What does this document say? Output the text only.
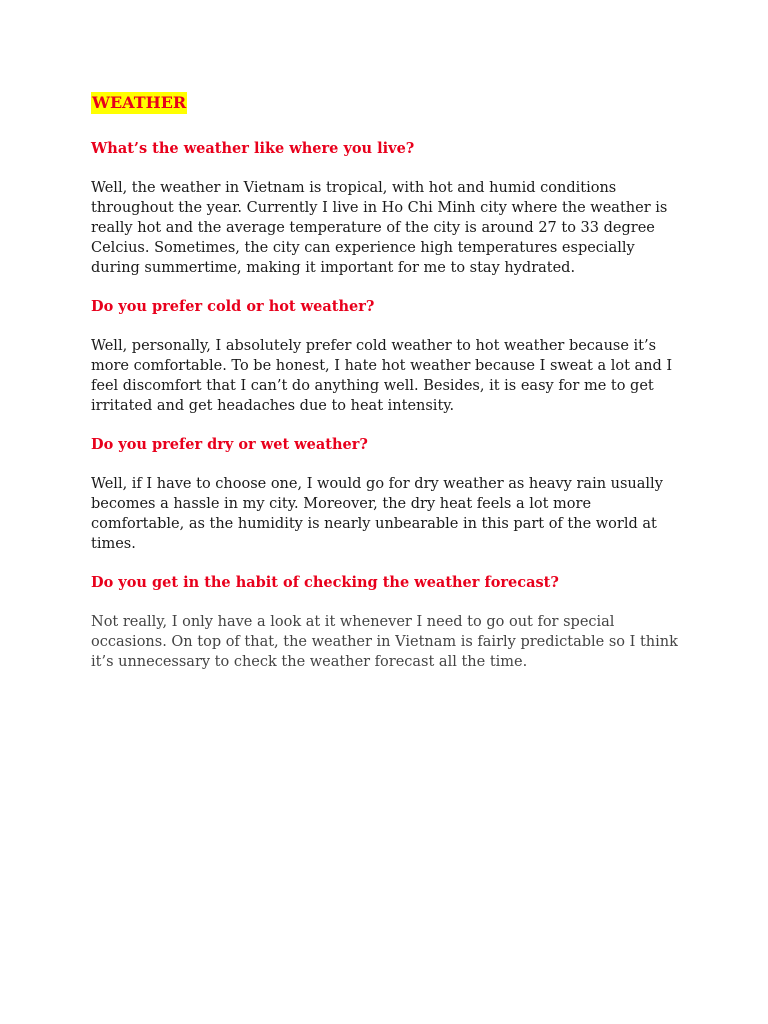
WEATHER

What’s the weather like where you live?

Well, the weather in Vietnam is tropical, with hot and humid conditions throughout the year. Currently I live in Ho Chi Minh city where the weather is really hot and the average temperature of the city is around 27 to 33 degree Celcius. Sometimes, the city can experience high temperatures especially during summertime, making it important for me to stay hydrated.

Do you prefer cold or hot weather?

Well, personally, I absolutely prefer cold weather to hot weather because it’s more comfortable. To be honest, I hate hot weather because I sweat a lot and I feel discomfort that I can’t do anything well. Besides, it is easy for me to get irritated and get headaches due to heat intensity.

Do you prefer dry or wet weather?

Well, if I have to choose one, I would go for dry weather as heavy rain usually becomes a hassle in my city. Moreover, the dry heat feels a lot more comfortable, as the humidity is nearly unbearable in this part of the world at times.

Do you get in the habit of checking the weather forecast?

Not really, I only have a look at it whenever I need to go out for special occasions. On top of that, the weather in Vietnam is fairly predictable so I think it’s unnecessary to check the weather forecast all the time.
